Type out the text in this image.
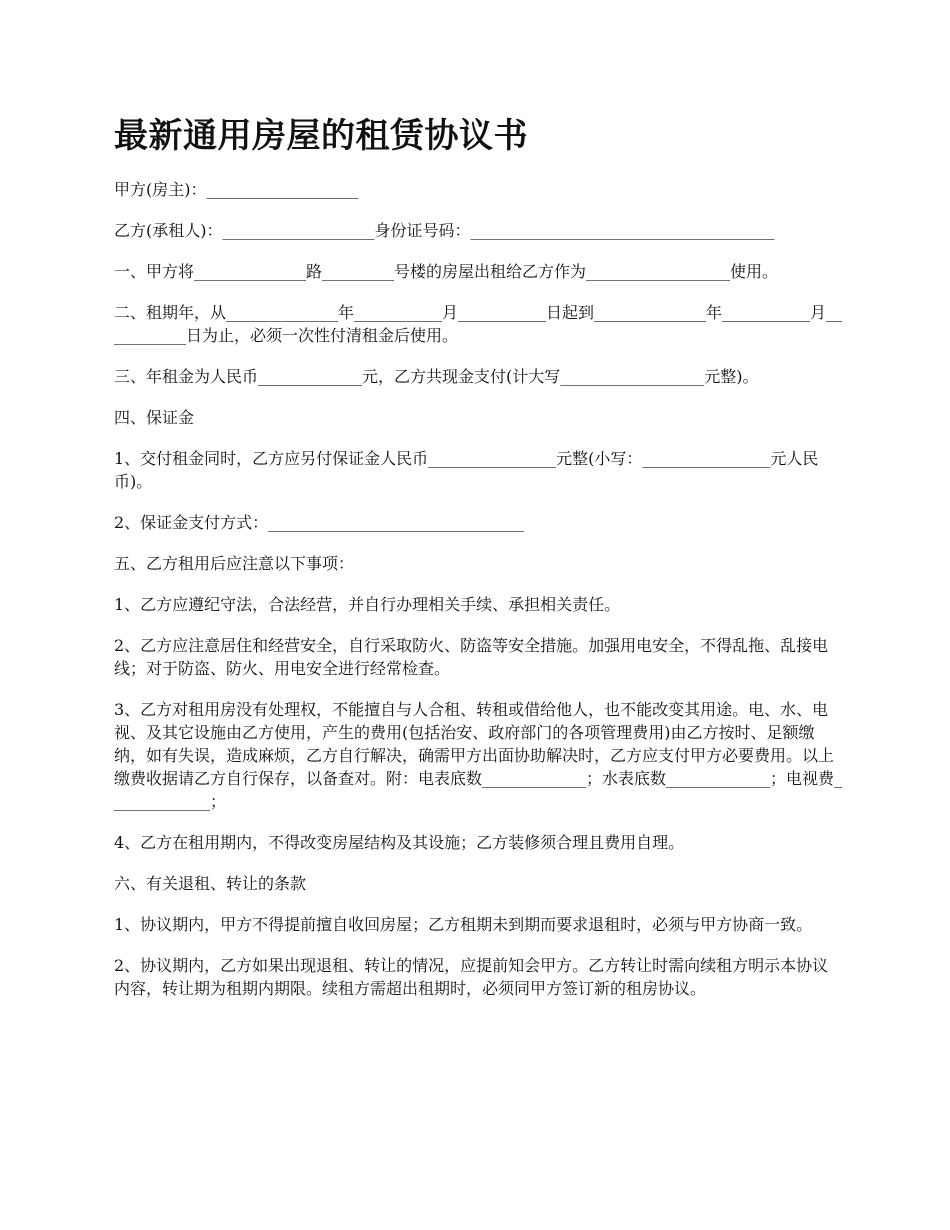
最新通用房屋的租赁协议书

甲方(房主)：___________________

乙方(承租人)：___________________身份证号码：______________________________________

一、甲方将______________路_________号楼的房屋出租给乙方作为__________________使用。

二、租期年，从______________年___________月___________日起到______________年___________月___________日为止，必须一次性付清租金后使用。

三、年租金为人民币_____________元，乙方共现金支付(计大写__________________元整)。

四、保证金

1、交付租金同时，乙方应另付保证金人民币________________元整(小写：________________元人民币)。

2、保证金支付方式：________________________________

五、乙方租用后应注意以下事项：

1、乙方应遵纪守法，合法经营，并自行办理相关手续、承担相关责任。

2、乙方应注意居住和经营安全，自行采取防火、防盗等安全措施。加强用电安全，不得乱拖、乱接电线；对于防盗、防火、用电安全进行经常检查。

3、乙方对租用房没有处理权，不能擅自与人合租、转租或借给他人，也不能改变其用途。电、水、电视、及其它设施由乙方使用，产生的费用(包括治安、政府部门的各项管理费用)由乙方按时、足额缴纳，如有失误，造成麻烦，乙方自行解决，确需甲方出面协助解决时，乙方应支付甲方必要费用。以上缴费收据请乙方自行保存，以备查对。附：电表底数_____________；水表底数_____________；电视费_____________；

4、乙方在租用期内，不得改变房屋结构及其设施；乙方装修须合理且费用自理。

六、有关退租、转让的条款

1、协议期内，甲方不得提前擅自收回房屋；乙方租期未到期而要求退租时，必须与甲方协商一致。

2、协议期内，乙方如果出现退租、转让的情况，应提前知会甲方。乙方转让时需向续租方明示本协议内容，转让期为租期内期限。续租方需超出租期时，必须同甲方签订新的租房协议。
